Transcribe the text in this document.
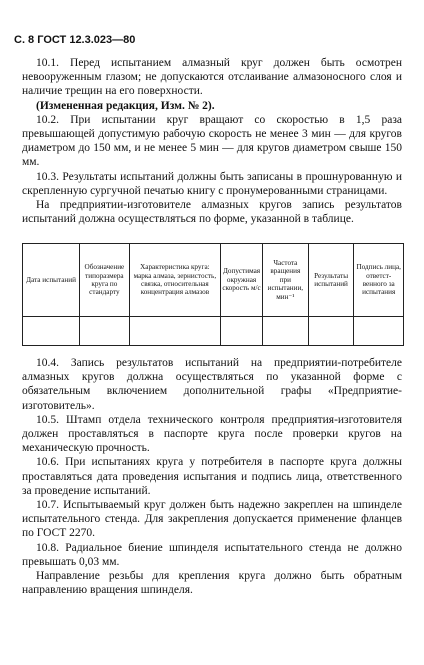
С. 8 ГОСТ 12.3.023—80

10.1. Перед испытанием алмазный круг должен быть осмотрен невооруженным глазом; не допускаются отслаивание алмазоносного слоя и наличие трещин на его поверхности.

(Измененная редакция, Изм. № 2).

10.2. При испытании круг вращают со скоростью в 1,5 раза превышающей допустимую рабочую скорость не менее 3 мин — для кругов диаметром до 150 мм, и не менее 5 мин — для кругов диаметром свыше 150 мм.

10.3. Результаты испытаний должны быть записаны в прошнурованную и скрепленную сургучной печатью книгу с пронумерованными страницами.

На предприятии-изготовителе алмазных кругов запись результатов испытаний должна осуществляться по форме, указанной в таблице.

Дата испытаний	Обозначение типоразмера круга по стандарту	Характеристика круга: марка алмаза, зернистость, связка, относительная концентрация алмазов	Допустимая окружная скорость м/с	Частота вращения при испытании, мин⁻¹	Результаты испытаний	Подпись лица, ответственного за испытания

10.4. Запись результатов испытаний на предприятии-потребителе алмазных кругов должна осуществляться по указанной форме с обязательным включением дополнительной графы «Предприятие-изготовитель».

10.5. Штамп отдела технического контроля предприятия-изготовителя должен проставляться в паспорте круга после проверки кругов на механическую прочность.

10.6. При испытаниях круга у потребителя в паспорте круга должны проставляться дата проведения испытания и подпись лица, ответственного за проведение испытаний.

10.7. Испытываемый круг должен быть надежно закреплен на шпинделе испытательного стенда. Для закрепления допускается применение фланцев по ГОСТ 2270.

10.8. Радиальное биение шпинделя испытательного стенда не должно превышать 0,03 мм.

Направление резьбы для крепления круга должно быть обратным направлению вращения шпинделя.
